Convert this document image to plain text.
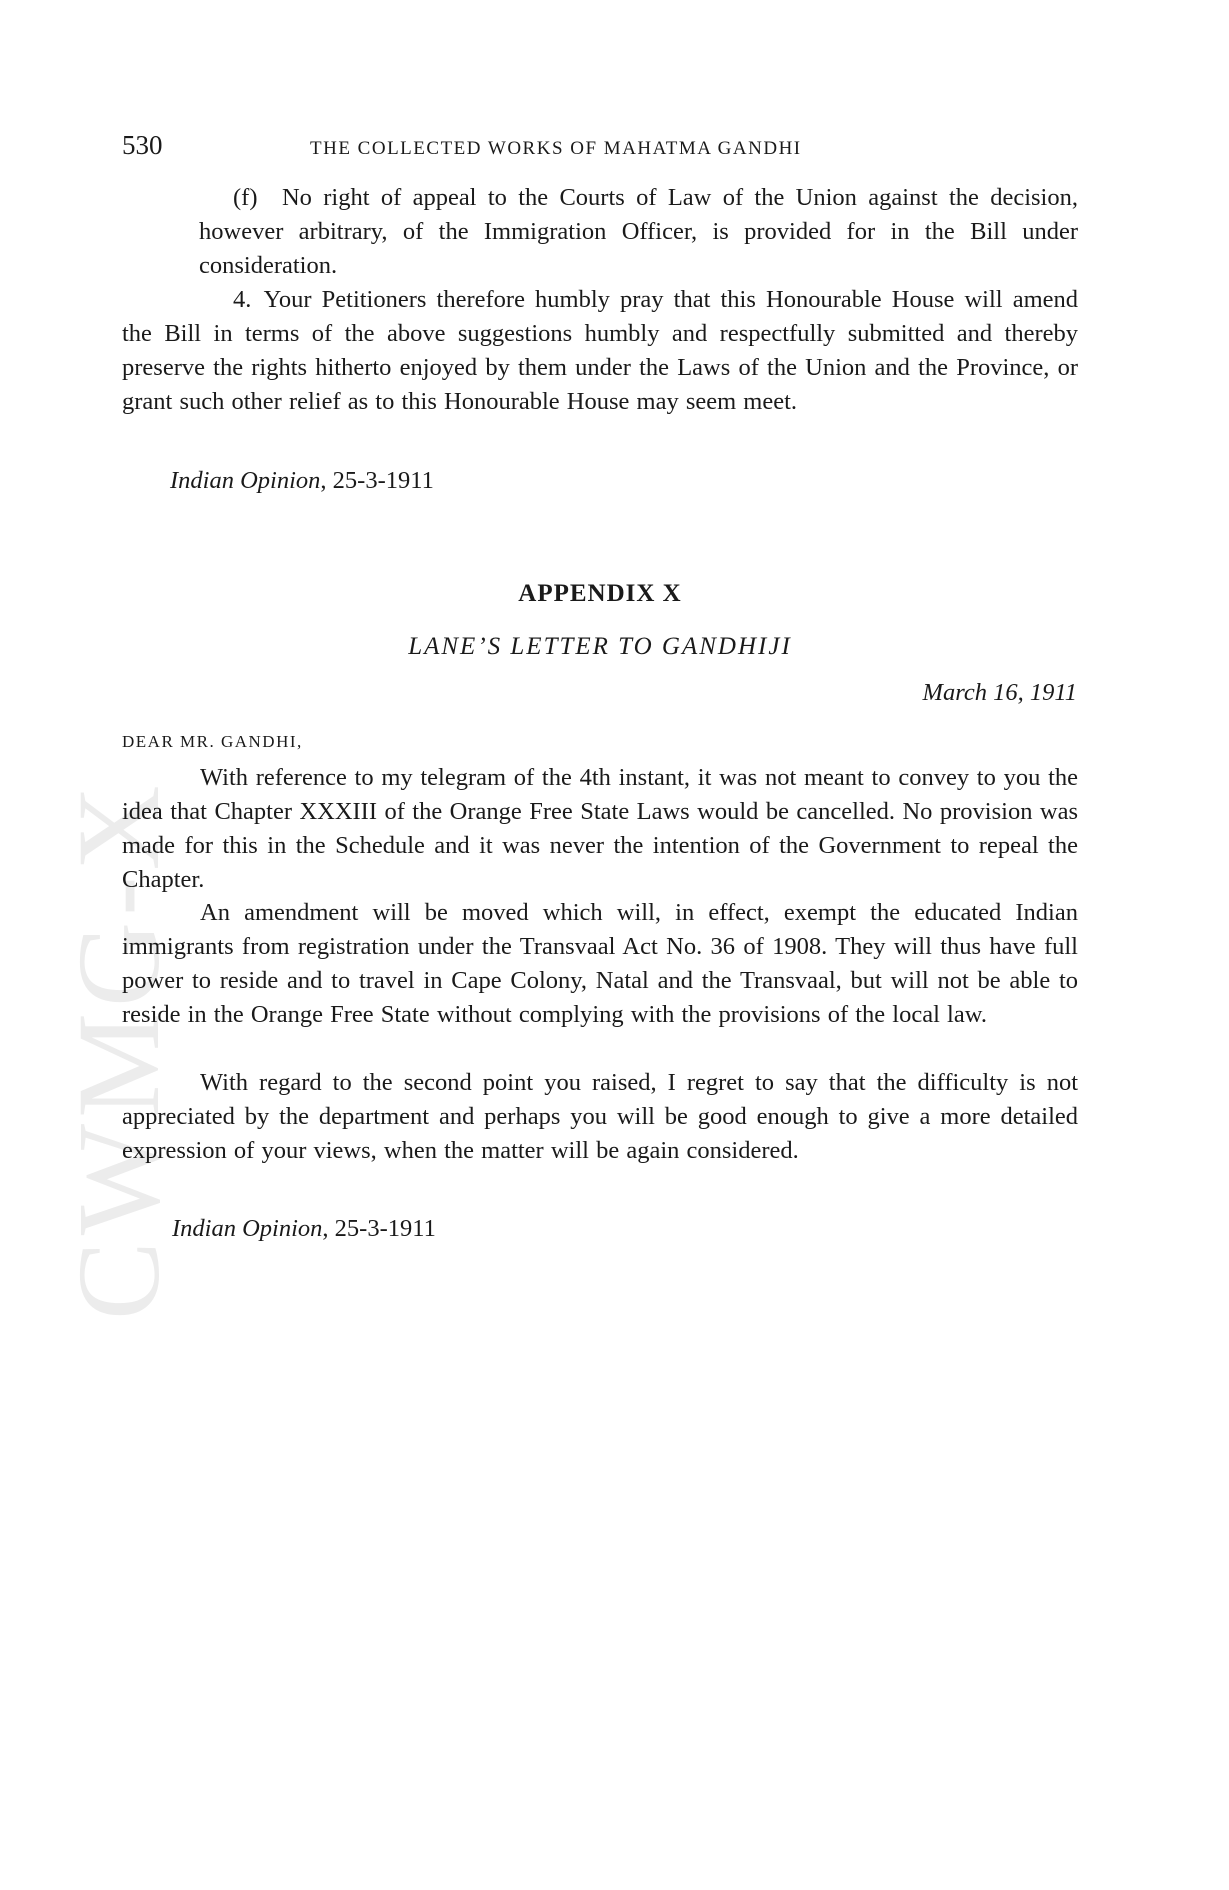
CWMG-X
530	THE COLLECTED WORKS OF MAHATMA GANDHI

(f) No right of appeal to the Courts of Law of the Union against the decision, however arbitrary, of the Immigration Officer, is provided for in the Bill under consideration.

4. Your Petitioners therefore humbly pray that this Honourable House will amend the Bill in terms of the above suggestions humbly and respectfully submitted and thereby preserve the rights hitherto enjoyed by them under the Laws of the Union and the Province, or grant such other relief as to this Honourable House may seem meet.

Indian Opinion, 25-3-1911
APPENDIX X
LANE’S LETTER TO GANDHIJI
March 16, 1911
DEAR MR. GANDHI,

With reference to my telegram of the 4th instant, it was not meant to convey to you the idea that Chapter XXXIII of the Orange Free State Laws would be cancelled. No provision was made for this in the Schedule and it was never the intention of the Government to repeal the Chapter.

An amendment will be moved which will, in effect, exempt the educated Indian immigrants from registration under the Transvaal Act No. 36 of 1908. They will thus have full power to reside and to travel in Cape Colony, Natal and the Transvaal, but will not be able to reside in the Orange Free State without complying with the provisions of the local law.

With regard to the second point you raised, I regret to say that the difficulty is not appreciated by the department and perhaps you will be good enough to give a more detailed expression of your views, when the matter will be again considered.

Indian Opinion, 25-3-1911
